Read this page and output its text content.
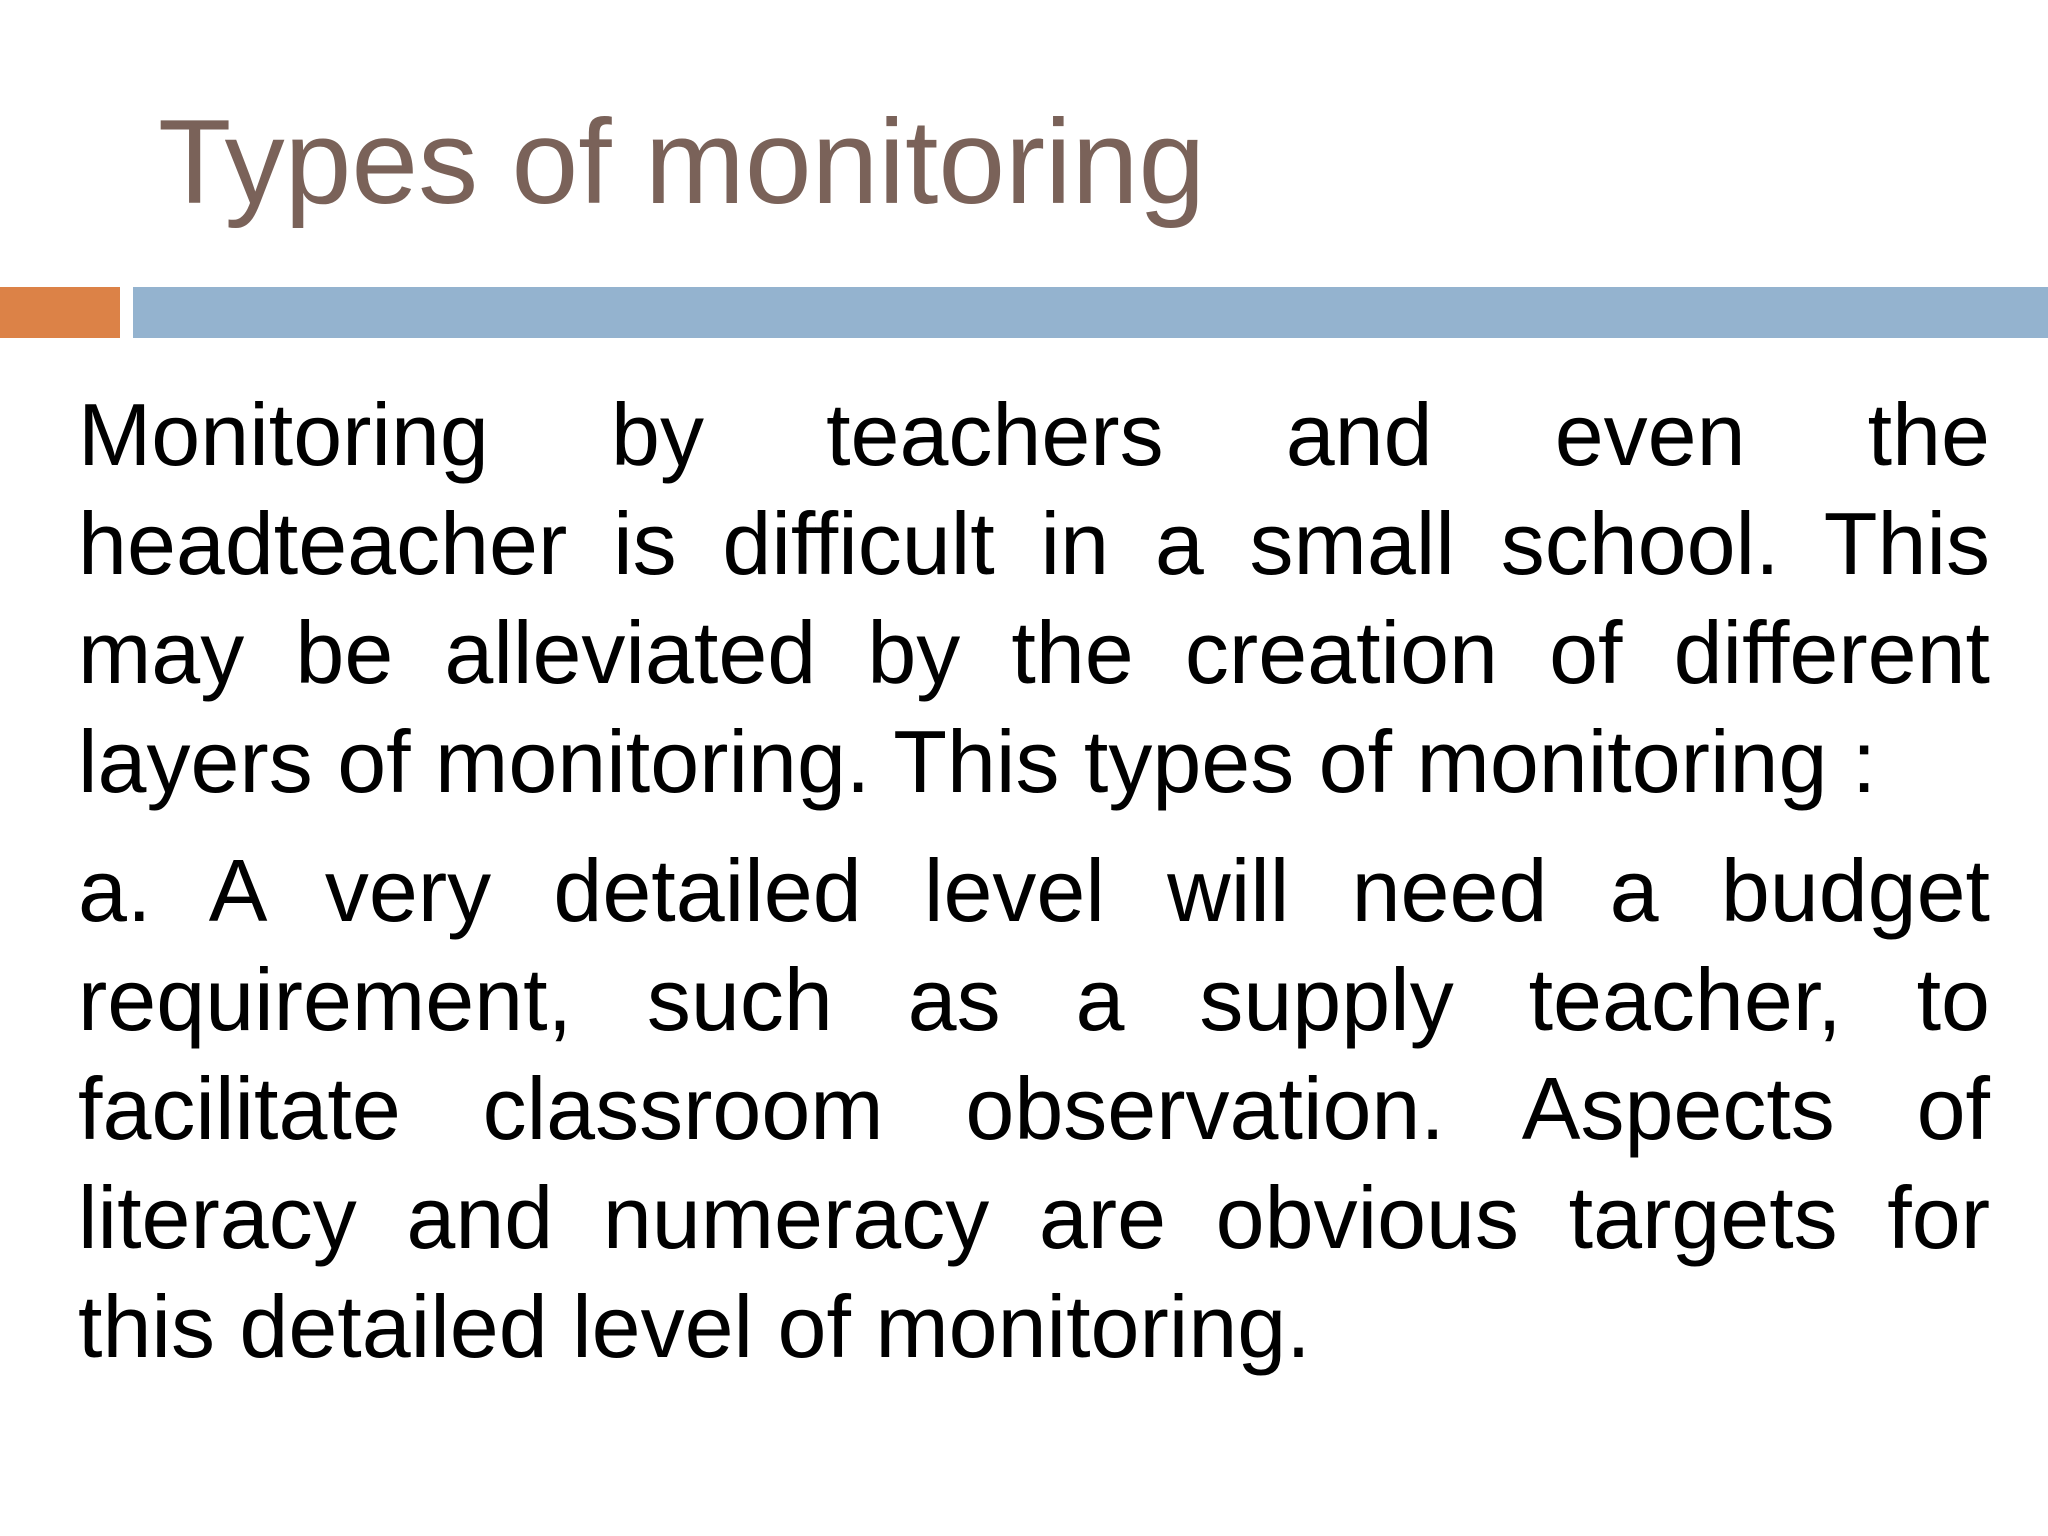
Types of monitoring

Monitoring by teachers and even the headteacher is difficult in a small school. This may be alleviated by the creation of different layers of monitoring. This types of monitoring :

a. A very detailed level will need a budget requirement, such as a supply teacher, to facilitate classroom observation. Aspects of literacy and numeracy are obvious targets for this detailed level of monitoring.
